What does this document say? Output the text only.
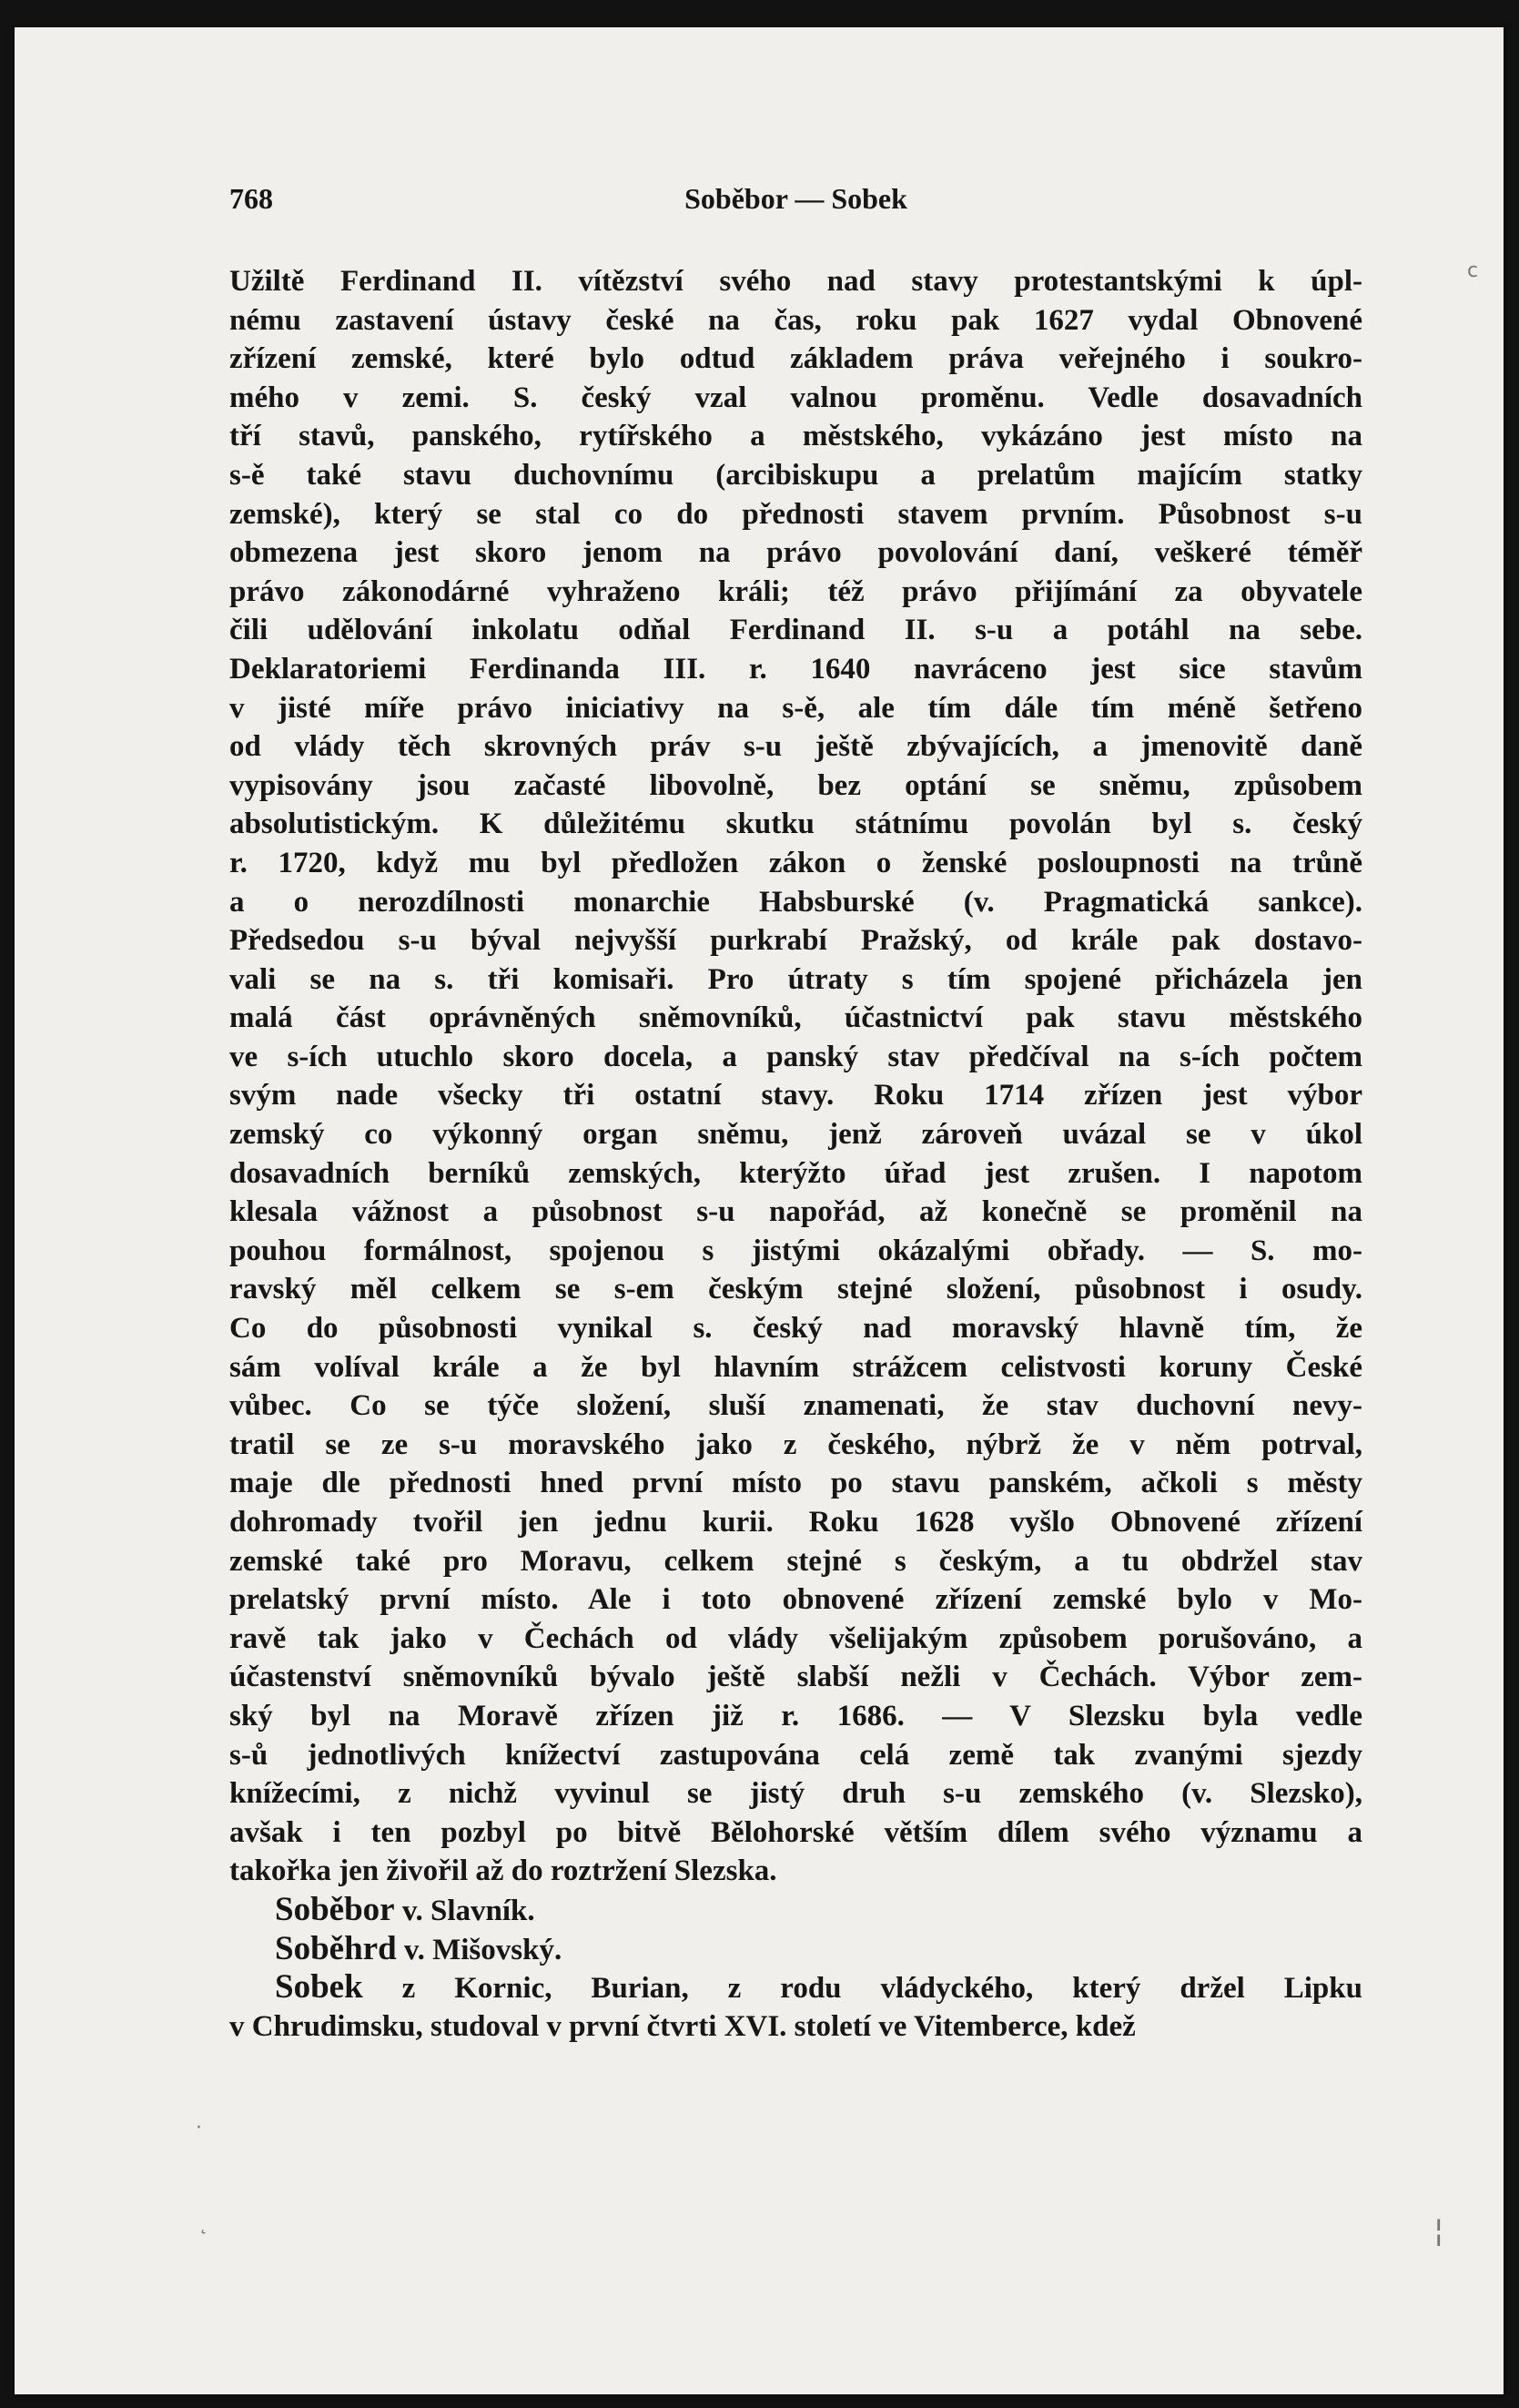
768	Soběbor — Sobek
Užiltě Ferdinand II. vítězství svého nad stavy protestantskými k úpl-
nému zastavení ústavy české na čas, roku pak 1627 vydal Obnovené
zřízení zemské, které bylo odtud základem práva veřejného i soukro-
mého v zemi. S. český vzal valnou proměnu. Vedle dosavadních
tří stavů, panského, rytířského a městského, vykázáno jest místo na
s-ě také stavu duchovnímu (arcibiskupu a prelatům majícím statky
zemské), který se stal co do přednosti stavem prvním. Působnost s-u
obmezena jest skoro jenom na právo povolování daní, veškeré téměř
právo zákonodárné vyhraženo králi; též právo přijímání za obyvatele
čili udělování inkolatu odňal Ferdinand II. s-u a potáhl na sebe.
Deklaratoriemi Ferdinanda III. r. 1640 navráceno jest sice stavům
v jisté míře právo iniciativy na s-ě, ale tím dále tím méně šetřeno
od vlády těch skrovných práv s-u ještě zbývajících, a jmenovitě daně
vypisovány jsou začasté libovolně, bez optání se sněmu, způsobem
absolutistickým. K důležitému skutku státnímu povolán byl s. český
r. 1720, když mu byl předložen zákon o ženské posloupnosti na trůně
a o nerozdílnosti monarchie Habsburské (v. Pragmatická sankce).
Předsedou s-u býval nejvyšší purkrabí Pražský, od krále pak dostavo-
vali se na s. tři komisaři. Pro útraty s tím spojené přicházela jen
malá část oprávněných sněmovníků, účastnictví pak stavu městského
ve s-ích utuchlo skoro docela, a panský stav předčíval na s-ích počtem
svým nade všecky tři ostatní stavy. Roku 1714 zřízen jest výbor
zemský co výkonný organ sněmu, jenž zároveň uvázal se v úkol
dosavadních berníků zemských, kterýžto úřad jest zrušen. I napotom
klesala vážnost a působnost s-u napořád, až konečně se proměnil na
pouhou formálnost, spojenou s jistými okázalými obřady. — S. mo-
ravský měl celkem se s-em českým stejné složení, působnost i osudy.
Co do působnosti vynikal s. český nad moravský hlavně tím, že
sám volíval krále a že byl hlavním strážcem celistvosti koruny České
vůbec. Co se týče složení, sluší znamenati, že stav duchovní nevy-
tratil se ze s-u moravského jako z českého, nýbrž že v něm potrval,
maje dle přednosti hned první místo po stavu panském, ačkoli s městy
dohromady tvořil jen jednu kurii. Roku 1628 vyšlo Obnovené zřízení
zemské také pro Moravu, celkem stejné s českým, a tu obdržel stav
prelatský první místo. Ale i toto obnovené zřízení zemské bylo v Mo-
ravě tak jako v Čechách od vlády všelijakým způsobem porušováno, a
účastenství sněmovníků bývalo ještě slabší nežli v Čechách. Výbor zem-
ský byl na Moravě zřízen již r. 1686. — V Slezsku byla vedle
s-ů jednotlivých knížectví zastupována celá země tak zvanými sjezdy
knížecími, z nichž vyvinul se jistý druh s-u zemského (v. Slezsko),
avšak i ten pozbyl po bitvě Bělohorské větším dílem svého významu a
takořka jen živořil až do roztržení Slezska.
Soběbor v. Slavník.
Soběhrd v. Mišovský.
Sobek z Kornic, Burian, z rodu vládyckého, který držel Lipku
v Chrudimsku, studoval v první čtvrti XVI. století ve Vitemberce, kdež
c
·
˛	¦
